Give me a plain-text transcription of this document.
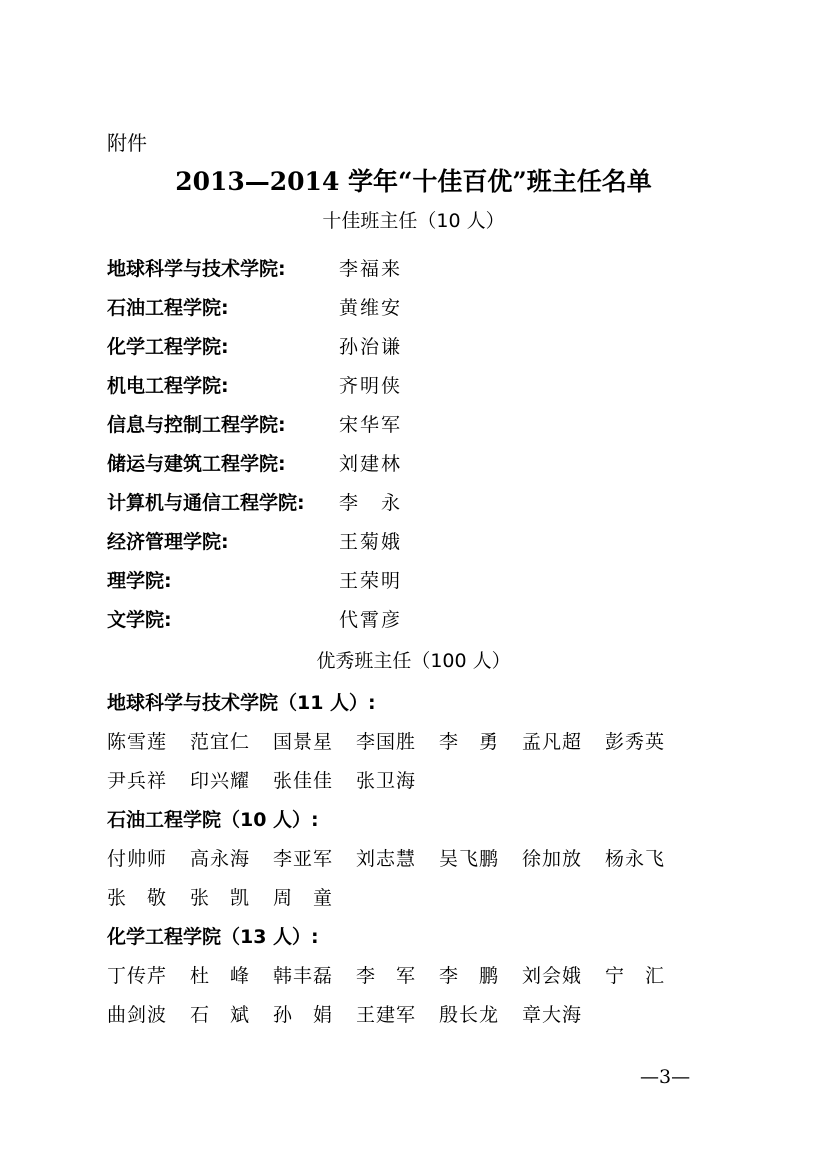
附件
2013—2014 学年“十佳百优”班主任名单
十佳班主任（10 人）
地球科学与技术学院:	李福来
石油工程学院:	黄维安
化学工程学院:	孙治谦
机电工程学院:	齐明侠
信息与控制工程学院:	宋华军
储运与建筑工程学院:	刘建林
计算机与通信工程学院:	李　永
经济管理学院:	王菊娥
理学院:	王荣明
文学院:	代霄彦
优秀班主任（100 人）
地球科学与技术学院（11 人）:
陈雪莲	范宜仁	国景星	李国胜	李　勇	孟凡超	彭秀英
尹兵祥	印兴耀	张佳佳	张卫海
石油工程学院（10 人）:
付帅师	高永海	李亚军	刘志慧	吴飞鹏	徐加放	杨永飞
张　敬	张　凯	周　童
化学工程学院（13 人）:
丁传芹	杜　峰	韩丰磊	李　军	李　鹏	刘会娥	宁　汇
曲剑波	石　斌	孙　娟	王建军	殷长龙	章大海
—3—
